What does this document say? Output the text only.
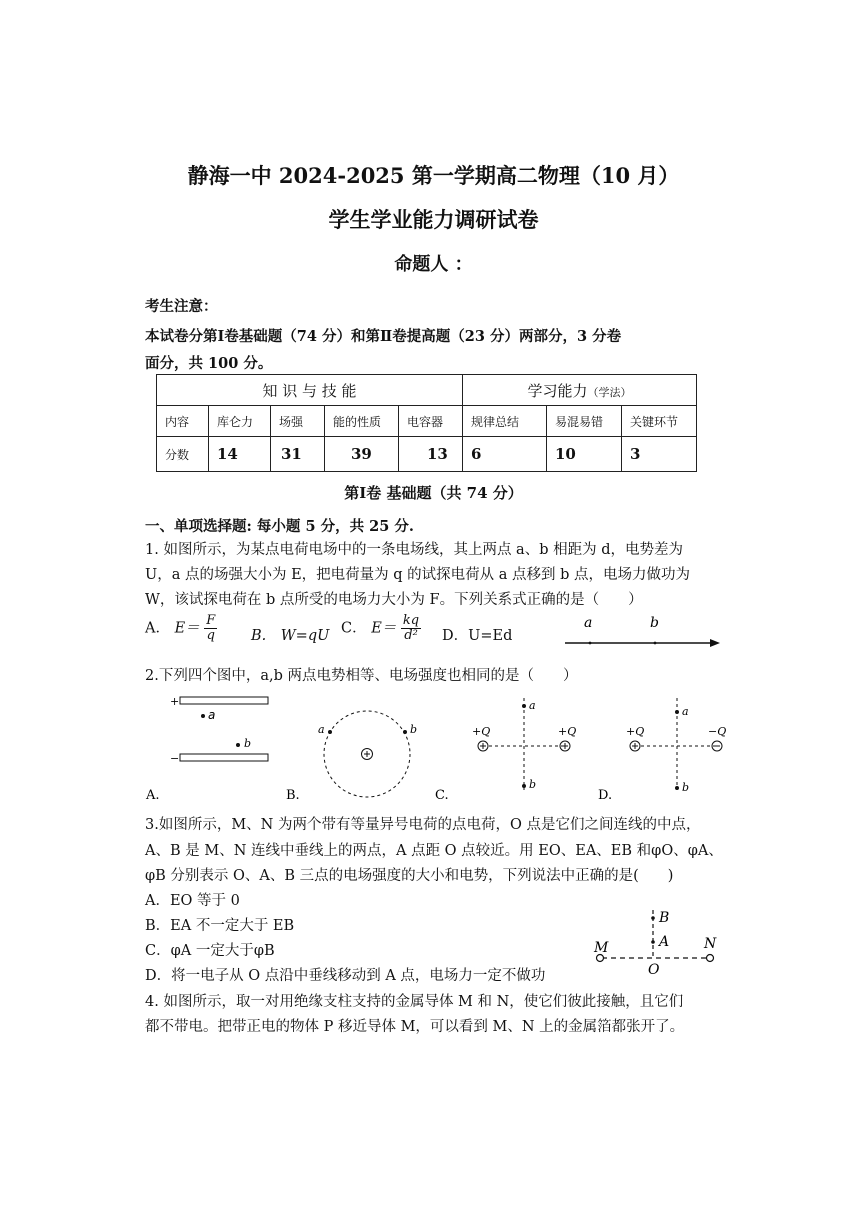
静海一中 2024-2025 第一学期高二物理（10 月）
学生学业能力调研试卷
命题人 ：
考生注意：
本试卷分第Ⅰ卷基础题（74 分）和第Ⅱ卷提高题（23 分）两部分，3 分卷
面分，共 100 分。
知 识 与 技 能					学习能力（学法）		
内容	库仑力	场强	能的性质	电容器	规律总结	易混易错	关键环节
分数	14	31	39	13	6	10	3
第Ⅰ卷 基础题（共 74 分）
一、单项选择题: 每小题 5 分，共 25 分.
1. 如图所示，为某点电荷电场中的一条电场线，其上两点 a、b 相距为 d，电势差为
U，a 点的场强大小为 E，把电荷量为 q 的试探电荷从 a 点移到 b 点，电场力做功为
W，该试探电荷在 b 点所受的电场力大小为 F。下列关系式正确的是（　　）
A． $E= \frac{F}{q} B$.　W=qU C． $E= \frac{kq}{\text{d²}}$ D．U=Ed
a	b
2.下列四个图中，a,b 两点电势相等、电场强度也相同的是（　　）
+
−
a
b
A.
a	b
B.
+Q	+Q
a
b
C.
+Q	−Q
a
b
D.
3.如图所示，M、N 为两个带有等量异号电荷的点电荷，O 点是它们之间连线的中点，
A、B 是 M、N 连线中垂线上的两点，A 点距 O 点较近。用 EO、EA、EB 和φO、φA、
φB 分别表示 O、A、B 三点的电场强度的大小和电势，下列说法中正确的是(　　)
A．EO 等于 0
B．EA 不一定大于 EB
C．φA 一定大于φB
D．将一电子从 O 点沿中垂线移动到 A 点，电场力一定不做功
M	N
O
A
B
4. 如图所示，取一对用绝缘支柱支持的金属导体 M 和 N，使它们彼此接触，且它们
都不带电。把带正电的物体 P 移近导体 M，可以看到 M、N 上的金属箔都张开了。
